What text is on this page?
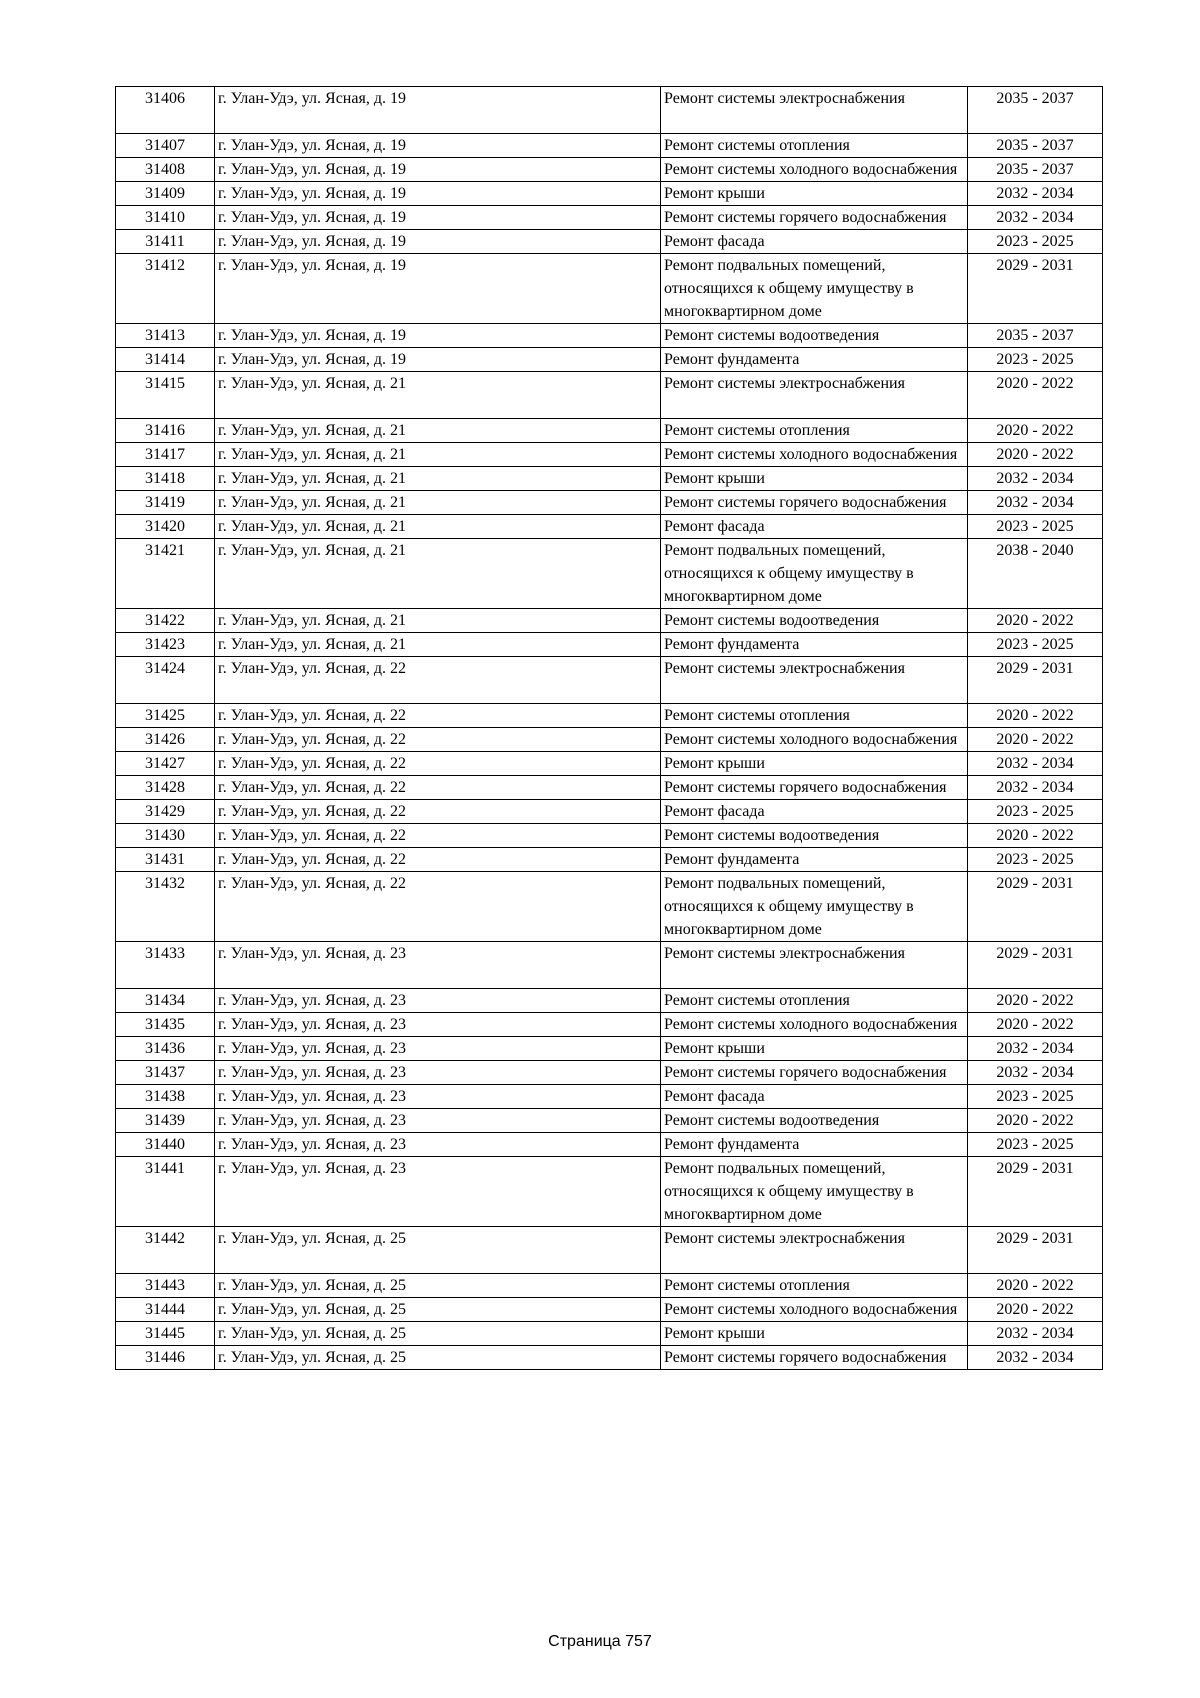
31406	г. Улан-Удэ, ул. Ясная, д. 19	Ремонт системы электроснабжения	2035 - 2037
31407	г. Улан-Удэ, ул. Ясная, д. 19	Ремонт системы отопления	2035 - 2037
31408	г. Улан-Удэ, ул. Ясная, д. 19	Ремонт системы холодного водоснабжения	2035 - 2037
31409	г. Улан-Удэ, ул. Ясная, д. 19	Ремонт крыши	2032 - 2034
31410	г. Улан-Удэ, ул. Ясная, д. 19	Ремонт системы горячего водоснабжения	2032 - 2034
31411	г. Улан-Удэ, ул. Ясная, д. 19	Ремонт фасада	2023 - 2025
31412	г. Улан-Удэ, ул. Ясная, д. 19	Ремонт подвальных помещений, относящихся к общему имуществу в многоквартирном доме	2029 - 2031
31413	г. Улан-Удэ, ул. Ясная, д. 19	Ремонт системы водоотведения	2035 - 2037
31414	г. Улан-Удэ, ул. Ясная, д. 19	Ремонт фундамента	2023 - 2025
31415	г. Улан-Удэ, ул. Ясная, д. 21	Ремонт системы электроснабжения	2020 - 2022
31416	г. Улан-Удэ, ул. Ясная, д. 21	Ремонт системы отопления	2020 - 2022
31417	г. Улан-Удэ, ул. Ясная, д. 21	Ремонт системы холодного водоснабжения	2020 - 2022
31418	г. Улан-Удэ, ул. Ясная, д. 21	Ремонт крыши	2032 - 2034
31419	г. Улан-Удэ, ул. Ясная, д. 21	Ремонт системы горячего водоснабжения	2032 - 2034
31420	г. Улан-Удэ, ул. Ясная, д. 21	Ремонт фасада	2023 - 2025
31421	г. Улан-Удэ, ул. Ясная, д. 21	Ремонт подвальных помещений, относящихся к общему имуществу в многоквартирном доме	2038 - 2040
31422	г. Улан-Удэ, ул. Ясная, д. 21	Ремонт системы водоотведения	2020 - 2022
31423	г. Улан-Удэ, ул. Ясная, д. 21	Ремонт фундамента	2023 - 2025
31424	г. Улан-Удэ, ул. Ясная, д. 22	Ремонт системы электроснабжения	2029 - 2031
31425	г. Улан-Удэ, ул. Ясная, д. 22	Ремонт системы отопления	2020 - 2022
31426	г. Улан-Удэ, ул. Ясная, д. 22	Ремонт системы холодного водоснабжения	2020 - 2022
31427	г. Улан-Удэ, ул. Ясная, д. 22	Ремонт крыши	2032 - 2034
31428	г. Улан-Удэ, ул. Ясная, д. 22	Ремонт системы горячего водоснабжения	2032 - 2034
31429	г. Улан-Удэ, ул. Ясная, д. 22	Ремонт фасада	2023 - 2025
31430	г. Улан-Удэ, ул. Ясная, д. 22	Ремонт системы водоотведения	2020 - 2022
31431	г. Улан-Удэ, ул. Ясная, д. 22	Ремонт фундамента	2023 - 2025
31432	г. Улан-Удэ, ул. Ясная, д. 22	Ремонт подвальных помещений, относящихся к общему имуществу в многоквартирном доме	2029 - 2031
31433	г. Улан-Удэ, ул. Ясная, д. 23	Ремонт системы электроснабжения	2029 - 2031
31434	г. Улан-Удэ, ул. Ясная, д. 23	Ремонт системы отопления	2020 - 2022
31435	г. Улан-Удэ, ул. Ясная, д. 23	Ремонт системы холодного водоснабжения	2020 - 2022
31436	г. Улан-Удэ, ул. Ясная, д. 23	Ремонт крыши	2032 - 2034
31437	г. Улан-Удэ, ул. Ясная, д. 23	Ремонт системы горячего водоснабжения	2032 - 2034
31438	г. Улан-Удэ, ул. Ясная, д. 23	Ремонт фасада	2023 - 2025
31439	г. Улан-Удэ, ул. Ясная, д. 23	Ремонт системы водоотведения	2020 - 2022
31440	г. Улан-Удэ, ул. Ясная, д. 23	Ремонт фундамента	2023 - 2025
31441	г. Улан-Удэ, ул. Ясная, д. 23	Ремонт подвальных помещений, относящихся к общему имуществу в многоквартирном доме	2029 - 2031
31442	г. Улан-Удэ, ул. Ясная, д. 25	Ремонт системы электроснабжения	2029 - 2031
31443	г. Улан-Удэ, ул. Ясная, д. 25	Ремонт системы отопления	2020 - 2022
31444	г. Улан-Удэ, ул. Ясная, д. 25	Ремонт системы холодного водоснабжения	2020 - 2022
31445	г. Улан-Удэ, ул. Ясная, д. 25	Ремонт крыши	2032 - 2034
31446	г. Улан-Удэ, ул. Ясная, д. 25	Ремонт системы горячего водоснабжения	2032 - 2034
Страница 757
